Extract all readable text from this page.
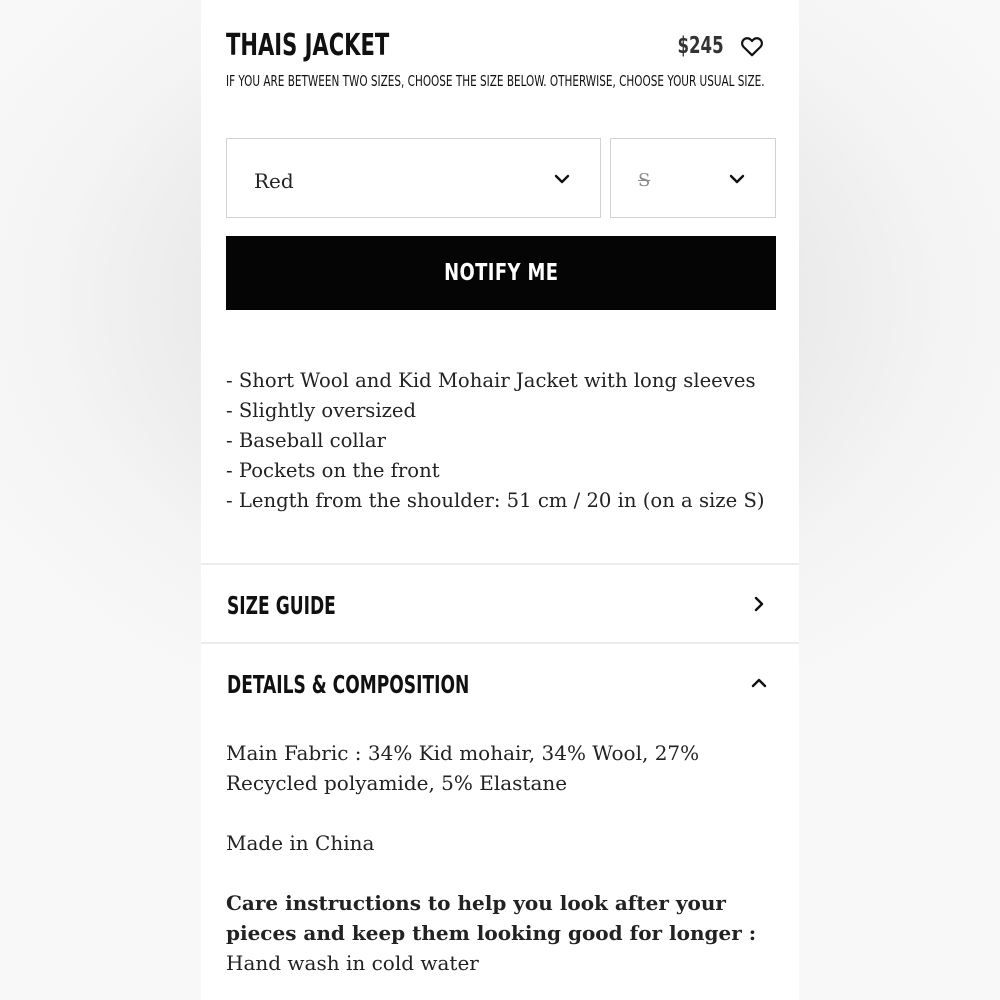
THAIS JACKET	$245
IF YOU ARE BETWEEN TWO SIZES, CHOOSE THE SIZE BELOW. OTHERWISE, CHOOSE YOUR USUAL SIZE.
Red	S
NOTIFY ME
- Short Wool and Kid Mohair Jacket with long sleeves
- Slightly oversized
- Baseball collar
- Pockets on the front
- Length from the shoulder: 51 cm / 20 in (on a size S)
SIZE GUIDE
DETAILS & COMPOSITION

Main Fabric : 34% Kid mohair, 34% Wool, 27% Recycled polyamide, 5% Elastane

Made in China

Care instructions to help you look after your pieces and keep them looking good for longer :

Hand wash in cold water
